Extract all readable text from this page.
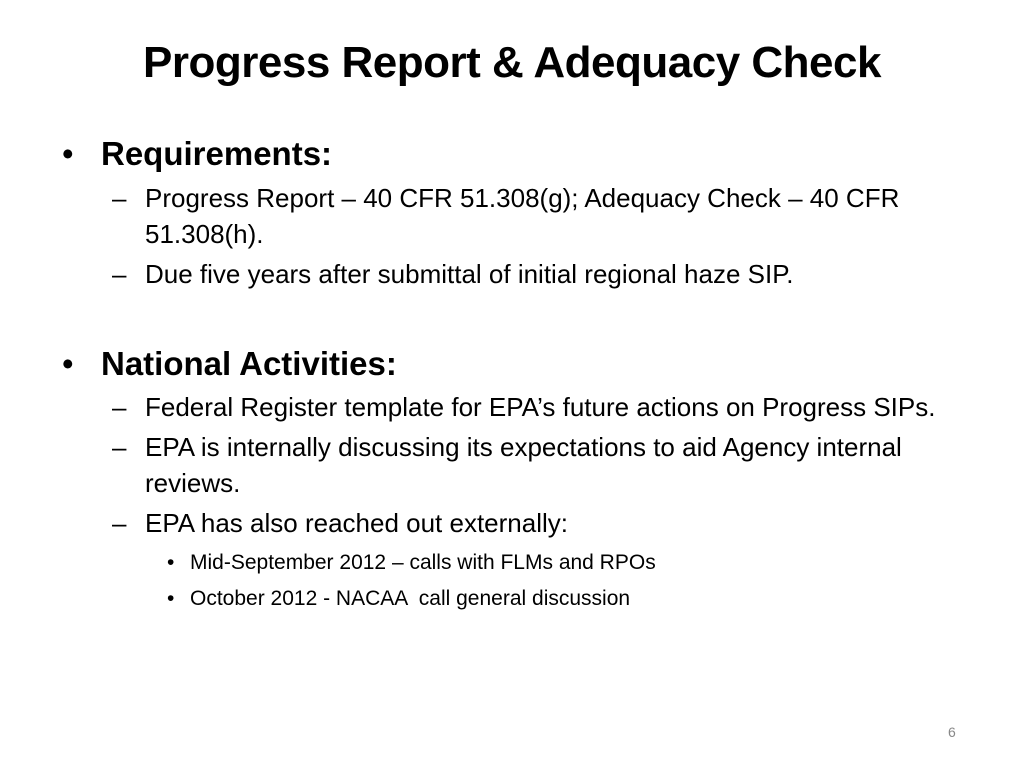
Progress Report & Adequacy Check
• Requirements:
– Progress Report – 40 CFR 51.308(g); Adequacy Check – 40 CFR 51.308(h).
– Due five years after submittal of initial regional haze SIP.
• National Activities:
– Federal Register template for EPA’s future actions on Progress SIPs.
– EPA is internally discussing its expectations to aid Agency internal reviews.
– EPA has also reached out externally:
• Mid-September 2012 – calls with FLMs and RPOs
• October 2012 - NACAA  call general discussion
6
